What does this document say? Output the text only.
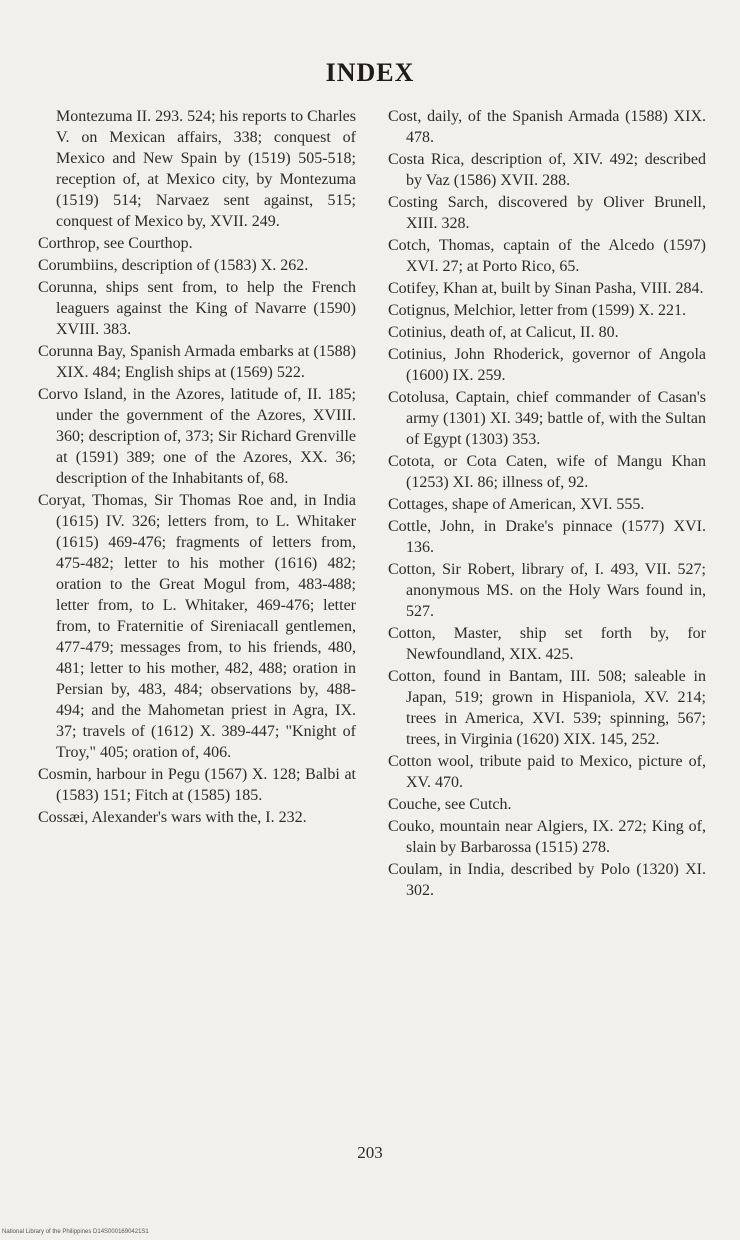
INDEX

Montezuma II. 293. 524; his reports to Charles V. on Mexican affairs, 338; conquest of Mexico and New Spain by (1519) 505-518; reception of, at Mexico city, by Montezuma (1519) 514; Narvaez sent against, 515; conquest of Mexico by, XVII. 249.

Corthrop, see Courthop.

Corumbiins, description of (1583) X. 262.

Corunna, ships sent from, to help the French leaguers against the King of Navarre (1590) XVIII. 383.

Corunna Bay, Spanish Armada embarks at (1588) XIX. 484; English ships at (1569) 522.

Corvo Island, in the Azores, latitude of, II. 185; under the government of the Azores, XVIII. 360; description of, 373; Sir Richard Grenville at (1591) 389; one of the Azores, XX. 36; description of the Inhabitants of, 68.

Coryat, Thomas, Sir Thomas Roe and, in India (1615) IV. 326; letters from, to L. Whitaker (1615) 469-476; fragments of letters from, 475-482; letter to his mother (1616) 482; oration to the Great Mogul from, 483-488; letter from, to L. Whitaker, 469-476; letter from, to Fraternitie of Sireniacall gentlemen, 477-479; messages from, to his friends, 480, 481; letter to his mother, 482, 488; oration in Persian by, 483, 484; observations by, 488-494; and the Mahometan priest in Agra, IX. 37; travels of (1612) X. 389-447; "Knight of Troy," 405; oration of, 406.

Cosmin, harbour in Pegu (1567) X. 128; Balbi at (1583) 151; Fitch at (1585) 185.

Cossæi, Alexander's wars with the, I. 232.

Cost, daily, of the Spanish Armada (1588) XIX. 478.

Costa Rica, description of, XIV. 492; described by Vaz (1586) XVII. 288.

Costing Sarch, discovered by Oliver Brunell, XIII. 328.

Cotch, Thomas, captain of the Alcedo (1597) XVI. 27; at Porto Rico, 65.

Cotifey, Khan at, built by Sinan Pasha, VIII. 284.

Cotignus, Melchior, letter from (1599) X. 221.

Cotinius, death of, at Calicut, II. 80.

Cotinius, John Rhoderick, governor of Angola (1600) IX. 259.

Cotolusa, Captain, chief commander of Casan's army (1301) XI. 349; battle of, with the Sultan of Egypt (1303) 353.

Cotota, or Cota Caten, wife of Mangu Khan (1253) XI. 86; illness of, 92.

Cottages, shape of American, XVI. 555.

Cottle, John, in Drake's pinnace (1577) XVI. 136.

Cotton, Sir Robert, library of, I. 493, VII. 527; anonymous MS. on the Holy Wars found in, 527.

Cotton, Master, ship set forth by, for Newfoundland, XIX. 425.

Cotton, found in Bantam, III. 508; saleable in Japan, 519; grown in Hispaniola, XV. 214; trees in America, XVI. 539; spinning, 567; trees, in Virginia (1620) XIX. 145, 252.

Cotton wool, tribute paid to Mexico, picture of, XV. 470.

Couche, see Cutch.

Couko, mountain near Algiers, IX. 272; King of, slain by Barbarossa (1515) 278.

Coulam, in India, described by Polo (1320) XI. 302.

203
National Library of the Philippines D14S0001690421S1
